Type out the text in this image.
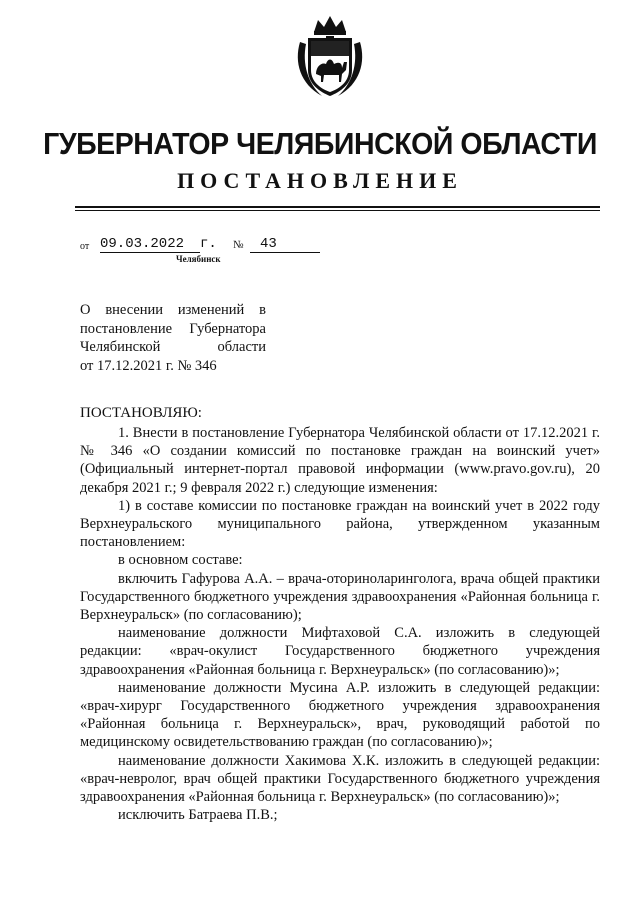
ГУБЕРНАТОР ЧЕЛЯБИНСКОЙ ОБЛАСТИ
ПОСТАНОВЛЕНИЕ
от 09.03.2022	г. №	43
Челябинск
О внесении изменений в
постановление Губернатора
Челябинской области
от 17.12.2021 г. № 346
ПОСТАНОВЛЯЮ:

1. Внести в постановление Губернатора Челябинской области от 17.12.2021 г. № 346 «О создании комиссий по постановке граждан на воинский учет» (Официальный интернет-портал правовой информации (www.pravo.gov.ru), 20 декабря 2021 г.; 9 февраля 2022 г.) следующие изменения:

1) в составе комиссии по постановке граждан на воинский учет в 2022 году Верхнеуральского муниципального района, утвержденном указанным постановлением:

в основном составе:

включить Гафурова А.А. – врача-оториноларинголога, врача общей практики Государственного бюджетного учреждения здравоохранения «Районная больница г. Верхнеуральск» (по согласованию);

наименование должности Мифтаховой С.А. изложить в следующей редакции: «врач-окулист Государственного бюджетного учреждения здравоохранения «Районная больница г. Верхнеуральск» (по согласованию)»;

наименование должности Мусина А.Р. изложить в следующей редакции: «врач-хирург Государственного бюджетного учреждения здравоохранения «Районная больница г. Верхнеуральск», врач, руководящий работой по медицинскому освидетельствованию граждан (по согласованию)»;

наименование должности Хакимова Х.К. изложить в следующей редакции: «врач-невролог, врач общей практики Государственного бюджетного учреждения здравоохранения «Районная больница г. Верхнеуральск» (по согласованию)»;

исключить Батраева П.В.;
